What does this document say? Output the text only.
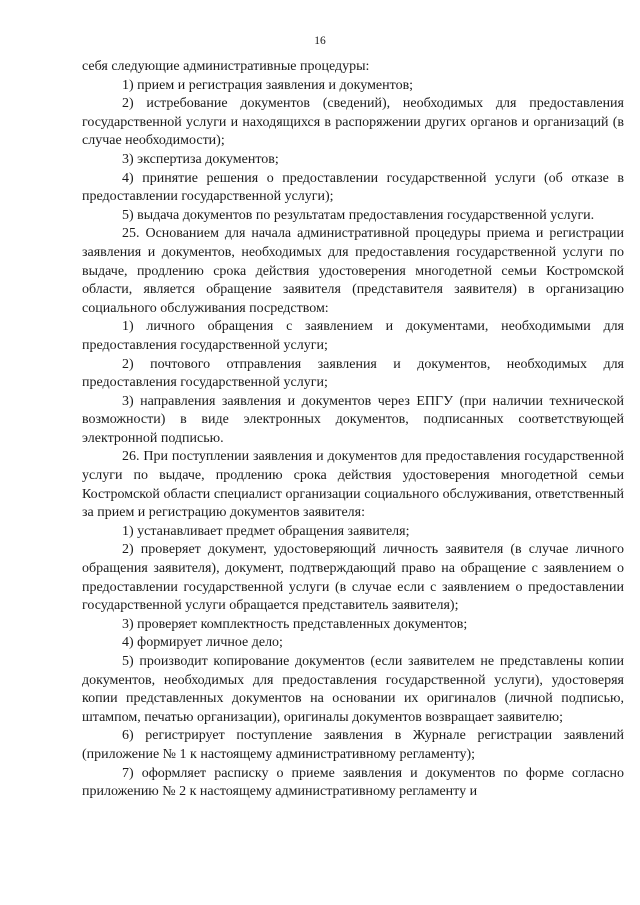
16

себя следующие административные процедуры:

1) прием и регистрация заявления и документов;

2) истребование документов (сведений), необходимых для предоставления государственной услуги и находящихся в распоряжении других органов и организаций (в случае необходимости);

3) экспертиза документов;

4) принятие решения о предоставлении государственной услуги (об отказе в предоставлении государственной услуги);

5) выдача документов по результатам предоставления государственной услуги.

25. Основанием для начала административной процедуры приема и регистрации заявления и документов, необходимых для предоставления государственной услуги по выдаче, продлению срока действия удостоверения многодетной семьи Костромской области, является обращение заявителя (представителя заявителя) в организацию социального обслуживания посредством:

1) личного обращения с заявлением и документами, необходимыми для предоставления государственной услуги;

2) почтового отправления заявления и документов, необходимых для предоставления государственной услуги;

3) направления заявления и документов через ЕПГУ (при наличии технической возможности) в виде электронных документов, подписанных соответствующей электронной подписью.

26. При поступлении заявления и документов для предоставления государственной услуги по выдаче, продлению срока действия удостоверения многодетной семьи Костромской области специалист организации социального обслуживания, ответственный за прием и регистрацию документов заявителя:

1) устанавливает предмет обращения заявителя;

2) проверяет документ, удостоверяющий личность заявителя (в случае личного обращения заявителя), документ, подтверждающий право на обращение с заявлением о предоставлении государственной услуги (в случае если с заявлением о предоставлении государственной услуги обращается представитель заявителя);

3) проверяет комплектность представленных документов;

4) формирует личное дело;

5) производит копирование документов (если заявителем не представлены копии документов, необходимых для предоставления государственной услуги), удостоверяя копии представленных документов на основании их оригиналов (личной подписью, штампом, печатью организации), оригиналы документов возвращает заявителю;

6) регистрирует поступление заявления в Журнале регистрации заявлений (приложение № 1 к настоящему административному регламенту);

7) оформляет расписку о приеме заявления и документов по форме согласно приложению № 2 к настоящему административному регламенту и
